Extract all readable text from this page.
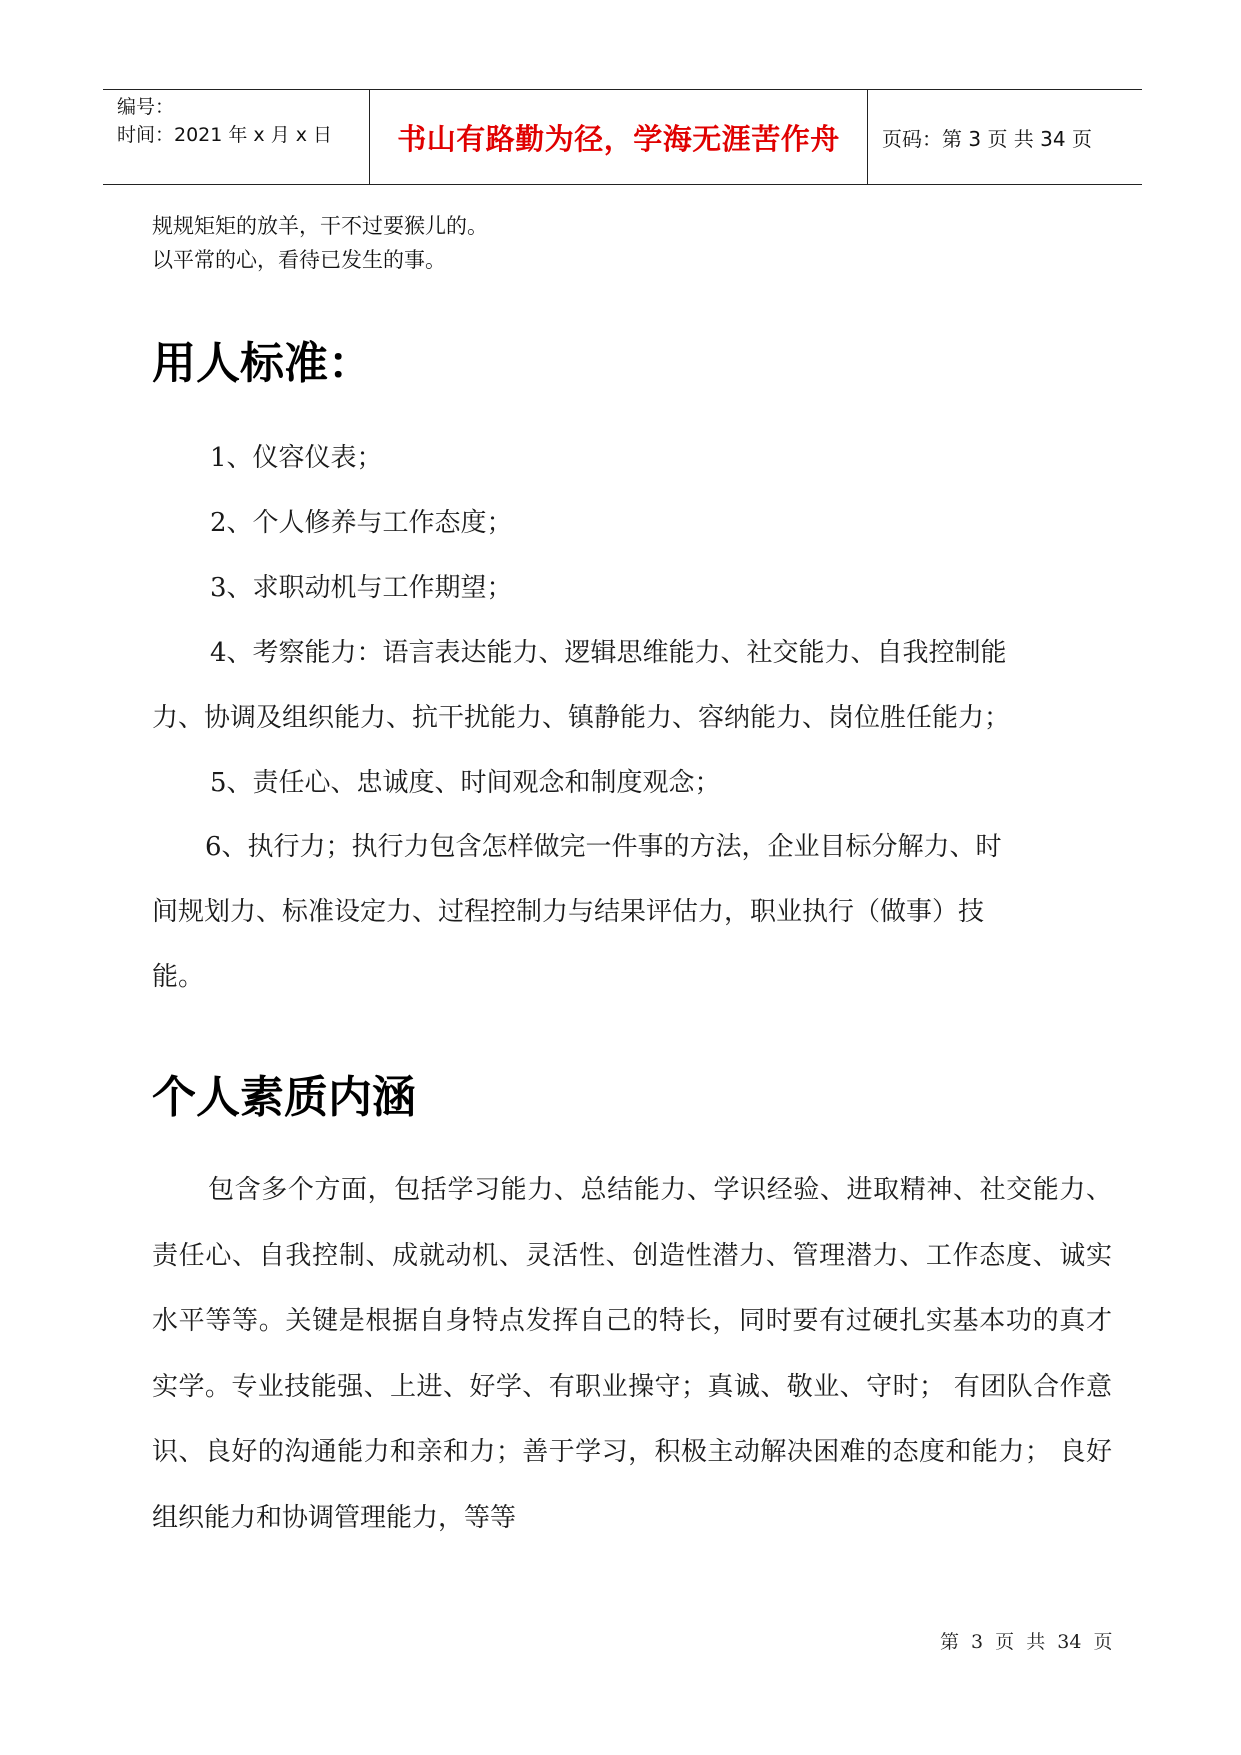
编号：
时间：2021 年 x 月 x 日 书山有路勤为径，学海无涯苦作舟 页码：第 3 页 共 34 页
规规矩矩的放羊，干不过要猴儿的。
以平常的心，看待已发生的事。
用人标准：
1、仪容仪表；
2、个人修养与工作态度；
3、求职动机与工作期望；
4、考察能力：语言表达能力、逻辑思维能力、社交能力、自我控制能
力、协调及组织能力、抗干扰能力、镇静能力、容纳能力、岗位胜任能力；
5、责任心、忠诚度、时间观念和制度观念；
6、执行力；执行力包含怎样做完一件事的方法，企业目标分解力、时
间规划力、标准设定力、过程控制力与结果评估力，职业执行（做事）技
能。
个人素质内涵
包含多个方面，包括学习能力、总结能力、学识经验、进取精神、社交能力、责任心、自我控制、成就动机、灵活性、创造性潜力、管理潜力、工作态度、诚实水平等等。关键是根据自身特点发挥自己的特长，同时要有过硬扎实基本功的真才实学。专业技能强、上进、好学、有职业操守；真诚、敬业、守时； 有团队合作意识、良好的沟通能力和亲和力；善于学习，积极主动解决困难的态度和能力； 良好组织能力和协调管理能力，等等
第 3 页 共 34 页
